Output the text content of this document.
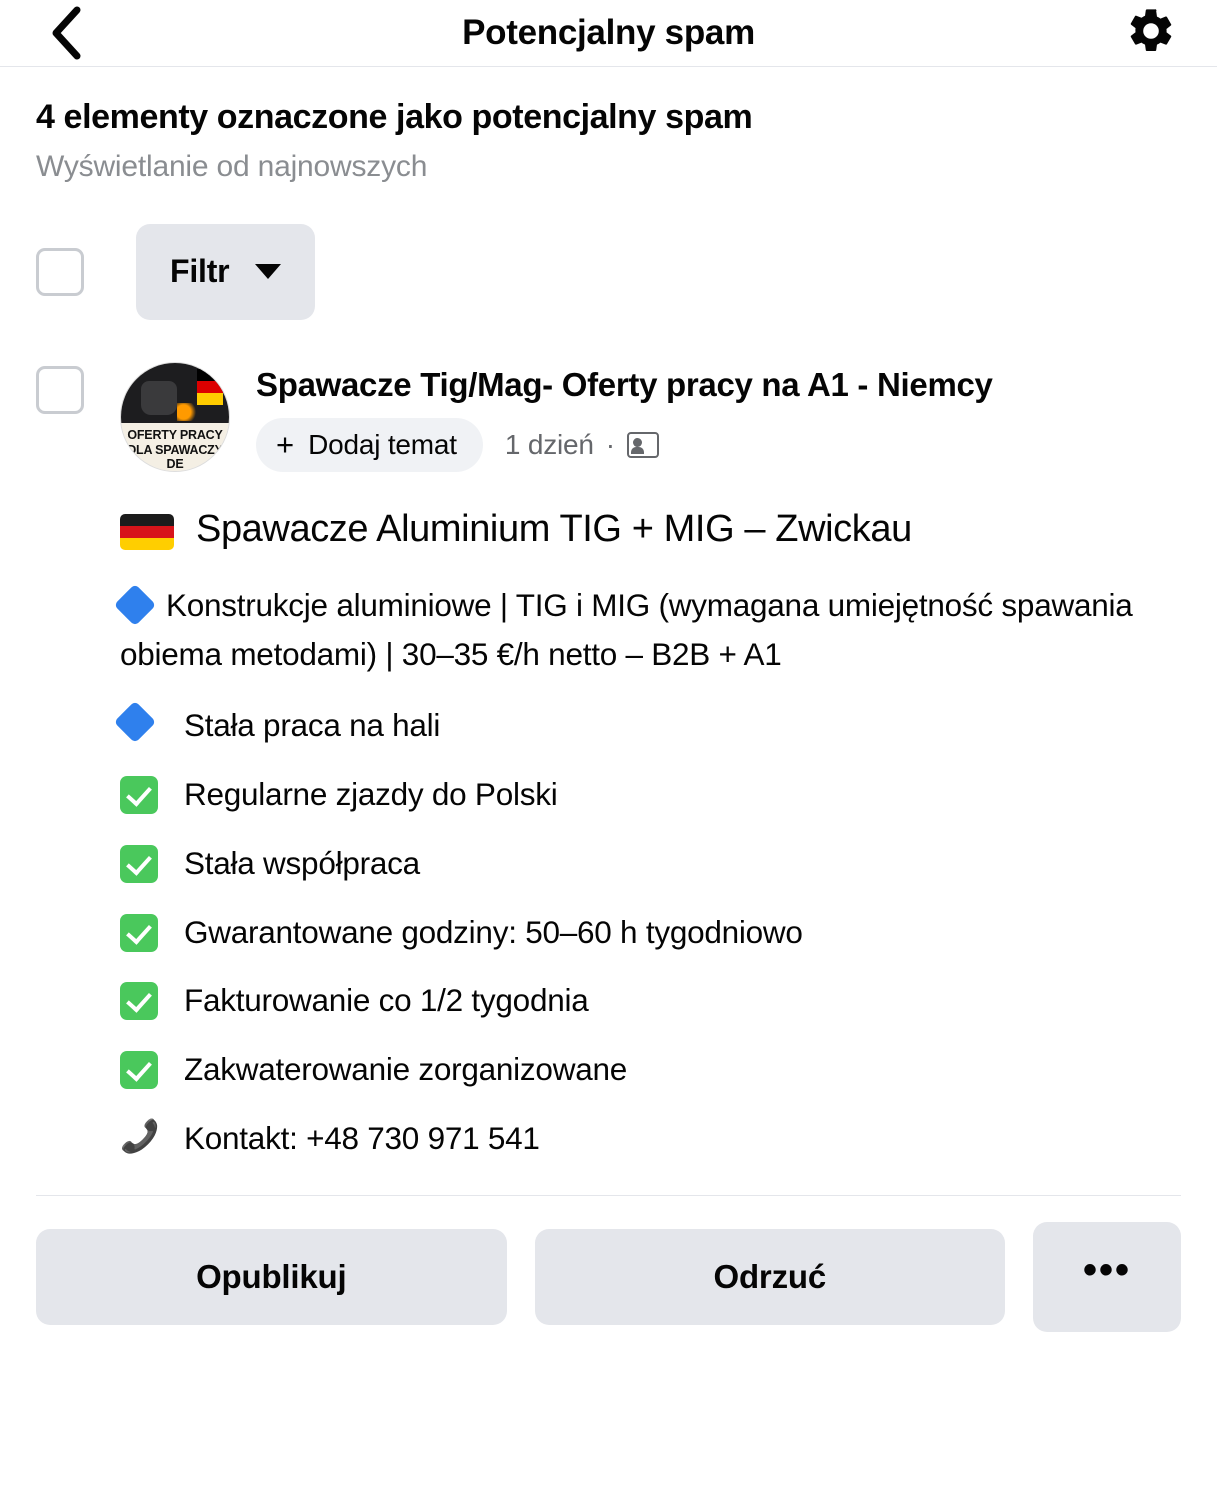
Potencjalny spam
4 elementy oznaczone jako potencjalny spam
Wyświetlanie od najnowszych
Filtr
OFERTY PRACY
DLA SPAWACZY DE
Spawacze Tig/Mag- Oferty pracy na A1 - Niemcy
+ Dodaj temat 1 dzień ·
Spawacze Aluminium TIG + MIG – Zwickau
Konstrukcje aluminiowe | TIG i MIG (wymagana umiejętność spawania obiema metodami) | 30–35 €/h netto – B2B + A1
Stała praca na hali
Regularne zjazdy do Polski
Stała współpraca
Gwarantowane godziny: 50–60 h tygodniowo
Fakturowanie co 1/2 tygodnia
Zakwaterowanie zorganizowane
📞 Kontakt: +48 730 971 541
Opublikuj	Odrzuć	•••
